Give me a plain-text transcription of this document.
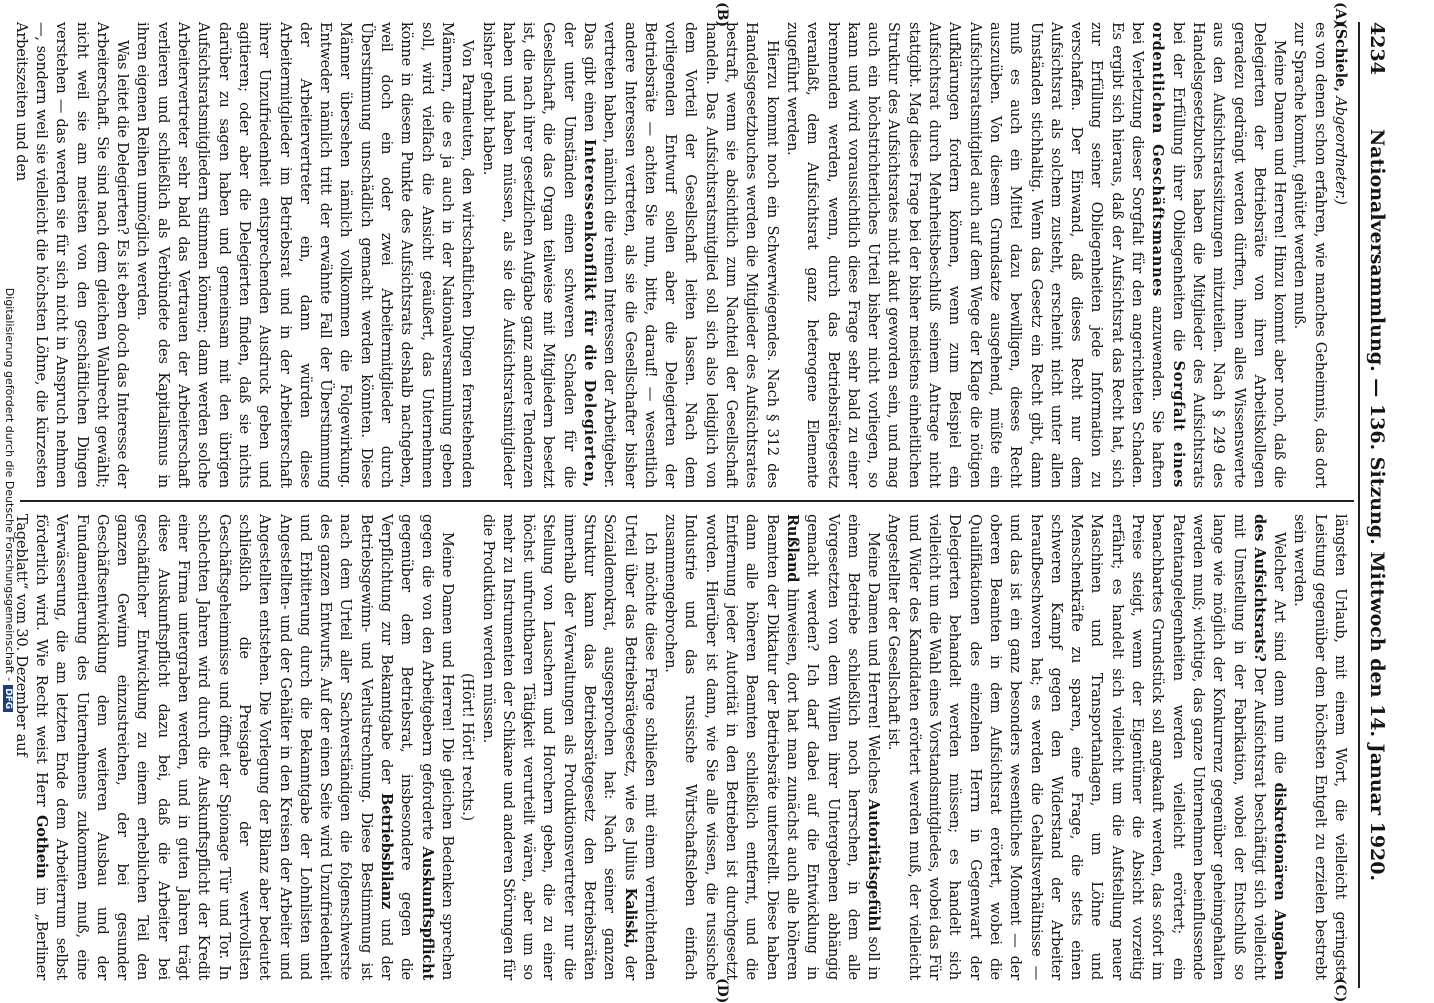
4234
Nationalversammlung. — 136. Sitzung. Mittwoch den 14. Januar 1920.
(A)
(B)
(C)
(D)

(Schiele, Abgeordneter.)

es von denen schon erfahren, wie manches Geheimnis, das dort zur Sprache kommt, gehütet werden muß.

Meine Damen und Herren! Hinzu kommt aber noch, daß die Delegierten der Betriebsräte von ihren Arbeitskollegen geradezu gedrängt werden dürften, ihnen alles Wissenswerte aus den Aufsichtsratssitzungen mitzuteilen. Nach § 249 des Handelsgesetzbuches haben die Mitglieder des Aufsichtsrats bei der Erfüllung ihrer Obliegenheiten die Sorgfalt eines ordentlichen Geschäftsmannes anzuwenden. Sie haften bei Verletzung dieser Sorgfalt für den angerichteten Schaden. Es ergibt sich hieraus, daß der Aufsichtsrat das Recht hat, sich zur Erfüllung seiner Obliegenheiten jede Information zu verschaffen. Der Einwand, daß dieses Recht nur dem Aufsichtsrat als solchem zusteht, erscheint nicht unter allen Umständen stichhaltig. Wenn das Gesetz ein Recht gibt, dann muß es auch ein Mittel dazu bewilligen, dieses Recht auszuüben. Von diesem Grundsatze ausgehend, müßte ein Aufsichtsratsmitglied auch auf dem Wege der Klage die nötigen Aufklärungen fordern können, wenn zum Beispiel ein Aufsichtsrat durch Mehrheitsbeschluß seinem Antrage nicht stattgibt. Mag diese Frage bei der bisher meistens einheitlichen Struktur des Aufsichtsrates nicht akut geworden sein, und mag auch ein höchstrichterliches Urteil bisher nicht vorliegen, so kann und wird voraussichtlich diese Frage sehr bald zu einer brennenden werden, wenn, durch das Betriebsrätegesetz veranlaßt, dem Aufsichtsrat ganz heterogene Elemente zugeführt werden.

Hierzu kommt noch ein Schwerwiegendes. Nach § 312 des Handelsgesetzbuches werden die Mitglieder des Aufsichtsrates bestraft, wenn sie absichtlich zum Nachteil der Gesellschaft handeln. Das Aufsichtsratsmitglied soll sich also lediglich von dem Vorteil der Gesellschaft leiten lassen. Nach dem vorliegenden Entwurf sollen aber die Delegierten der Betriebsräte — achten Sie nun, bitte, darauf! — wesentlich andere Interessen vertreten, als sie die Gesellschafter bisher vertreten haben, nämlich die reinen Interessen der Arbeitgeber. Das gibt einen Interessenkonflikt für die Delegierten, der unter Umständen einen schweren Schaden für die Gesellschaft, die das Organ teilweise mit Mitgliedern besetzt ist, die nach ihrer gesetzlichen Aufgabe ganz andere Tendenzen haben und haben müssen, als sie die Aufsichtsratsmitglieder bisher gehabt haben.

Von Parmleuten, den wirtschaftlichen Dingen fernstehenden Männern, die es ja auch in der Nationalversammlung geben soll, wird vielfach die Ansicht geäußert, das Unternehmen könne in diesem Punkte des Aufsichtsrats deshalb nachgeben, weil doch ein oder zwei Arbeitermitglieder durch Überstimmung unschädlich gemacht werden könnten. Diese Männer übersehen nämlich vollkommen die Folgewirkung. Entweder nämlich tritt der erwähnte Fall der Überstimmung der Arbeitervertreter ein, dann würden diese Arbeitermitglieder im Betriebsrat und in der Arbeiterschaft ihrer Unzufriedenheit entsprechenden Ausdruck geben und agitieren; oder aber die Delegierten finden, daß sie nichts darüber zu sagen haben und gemeinsam mit den übrigen Aufsichtsratsmitgliedern stimmen können; dann werden solche Arbeitervertreter sehr bald das Vertrauen der Arbeiterschaft verlieren und schließlich als Verbündete des Kapitalismus in ihren eigenen Reihen unmöglich werden.

Was leitet die Delegierten? Es ist eben doch das Interesse der Arbeiterschaft. Sie sind nach dem gleichen Wahlrecht gewählt; nicht weil sie am meisten von den geschäftlichen Dingen verstehen — das werden sie für sich nicht in Anspruch nehmen —, sondern weil sie vielleicht die höchsten Löhne, die kürzesten Arbeitszeiten und den

längsten Urlaub, mit einem Wort, die vielleicht geringste Leistung gegenüber dem höchsten Entgelt zu erzielen bestrebt sein werden.

Welcher Art sind denn nun die diskretionären Angaben des Aufsichtsrats? Der Aufsichtsrat beschäftigt sich vielleicht mit Umstellung in der Fabrikation, wobei der Entschluß so lange wie möglich der Konkurrenz gegenüber geheimgehalten werden muß; wichtige, das ganze Unternehmen beeinflussende Patentangelegenheiten werden vielleicht erörtert; ein benachbartes Grundstück soll angekauft werden, das sofort im Preise steigt, wenn der Eigentümer die Absicht vorzeitig erfährt; es handelt sich vielleicht um die Aufstellung neuer Maschinen und Transportanlagen, um Löhne und Menschenkräfte zu sparen, eine Frage, die stets einen schweren Kampf gegen den Widerstand der Arbeiter heraufbeschworen hat; es werden die Gehaltsverhältnisse — und das ist ein ganz besonders wesentliches Moment — der oberen Beamten in dem Aufsichtsrat erörtert, wobei die Qualifikationen des einzelnen Herrn in Gegenwart der Delegierten behandelt werden müssen; es handelt sich vielleicht um die Wahl eines Vorstandsmitgliedes, wobei das Für und Wider des Kandidaten erörtert werden muß, der vielleicht Angestellter der Gesellschaft ist.

Meine Damen und Herren! Welches Autoritätsgefühl soll in einem Betriebe schließlich noch herrschen, in dem alle Vorgesetzten von dem Willen ihrer Untergebenen abhängig gemacht werden? Ich darf dabei auf die Entwicklung in Rußland hinweisen, dort hat man zunächst auch alle höheren Beamten der Diktatur der Betriebsräte unterstellt. Diese haben dann alle höheren Beamten schließlich entfernt, und die Entfernung jeder Autorität in den Betrieben ist durchgesetzt worden. Hierüber ist dann, wie Sie alle wissen, die russische Industrie und das russische Wirtschaftsleben einfach zusammengebrochen.

Ich möchte diese Frage schließen mit einem vernichtenden Urteil über das Betriebsrätegesetz, wie es Julius Kaliski, der Sozialdemokrat, ausgesprochen hat: Nach seiner ganzen Struktur kann das Betriebsrätegesetz den Betriebsräten innerhalb der Verwaltungen als Produktionsvertreter nur die Stellung von Lauschern und Horchern geben, die zu einer höchst unfruchtbaren Tätigkeit verurteilt wären, aber um so mehr zu Instrumenten der Schikane und anderen Störungen für die Produktion werden müssen.

(Hört! Hört! rechts.)

Meine Damen und Herren! Die gleichen Bedenken sprechen gegen die von den Arbeitgebern geforderte Auskunftspflicht gegenüber dem Betriebsrat, insbesondere gegen die Verpflichtung zur Bekanntgabe der Betriebsbilanz und der Betriebsgewinn- und Verlustrechnung. Diese Bestimmung ist nach dem Urteil aller Sachverständigen die folgenschwerste des ganzen Entwurfs. Auf der einen Seite wird Unzufriedenheit und Erbitterung durch die Bekanntgabe der Lohnlisten und Angestellten- und der Gehälter in den Kreisen der Arbeiter und Angestellten entstehen. Die Vorlegung der Bilanz aber bedeutet schließlich die Preisgabe der wertvollsten Geschäftsgeheimnisse und öffnet der Spionage Tür und Tor. In schlechten Jahren wird durch die Auskunftspflicht der Kredit einer Firma untergraben werden, und in guten Jahren trägt diese Auskunftspflicht dazu bei, daß die Arbeiter bei geschäftlicher Entwicklung zu einem erheblichen Teil den ganzen Gewinn einzustreichen, der bei gesunder Geschäftsentwicklung dem weiteren Ausbau und der Fundamentierung des Unternehmens zukommen muß, eine Verwässerung, die am letzten Ende dem Arbeiterrum selbst förderlich wird. Wie Recht weist Herr Gothein im „Berliner Tageblatt“ vom 30. Dezember auf

Digitalisierung gefördert durch die Deutsche Forschungsgemeinschaft -DFG
